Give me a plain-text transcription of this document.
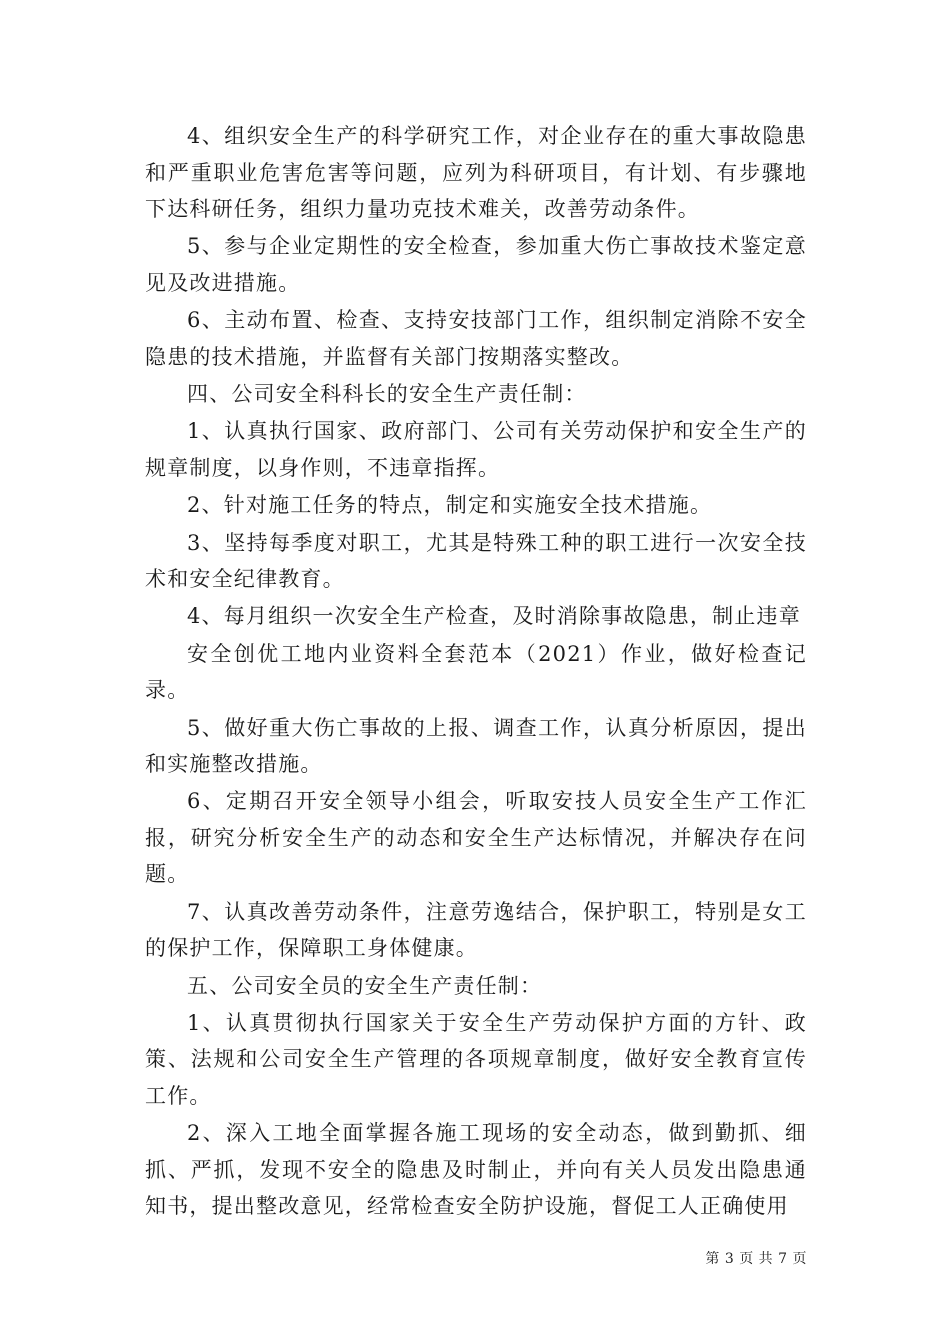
4、组织安全生产的科学研究工作，对企业存在的重大事故隐患和严重职业危害危害等问题，应列为科研项目，有计划、有步骤地下达科研任务，组织力量功克技术难关，改善劳动条件。

5、参与企业定期性的安全检查，参加重大伤亡事故技术鉴定意见及改进措施。

6、主动布置、检查、支持安技部门工作，组织制定消除不安全隐患的技术措施，并监督有关部门按期落实整改。

四、公司安全科科长的安全生产责任制：

1、认真执行国家、政府部门、公司有关劳动保护和安全生产的规章制度，以身作则，不违章指挥。

2、针对施工任务的特点，制定和实施安全技术措施。

3、坚持每季度对职工，尤其是特殊工种的职工进行一次安全技术和安全纪律教育。

4、每月组织一次安全生产检查，及时消除事故隐患，制止违章

安全创优工地内业资料全套范本（2021）作业，做好检查记录。

5、做好重大伤亡事故的上报、调查工作，认真分析原因，提出和实施整改措施。

6、定期召开安全领导小组会，听取安技人员安全生产工作汇报，研究分析安全生产的动态和安全生产达标情况，并解决存在问题。

7、认真改善劳动条件，注意劳逸结合，保护职工，特别是女工的保护工作，保障职工身体健康。

五、公司安全员的安全生产责任制：

1、认真贯彻执行国家关于安全生产劳动保护方面的方针、政策、法规和公司安全生产管理的各项规章制度，做好安全教育宣传工作。

2、深入工地全面掌握各施工现场的安全动态，做到勤抓、细抓、严抓，发现不安全的隐患及时制止，并向有关人员发出隐患通知书，提出整改意见，经常检查安全防护设施，督促工人正确使用

第 3 页 共 7 页
